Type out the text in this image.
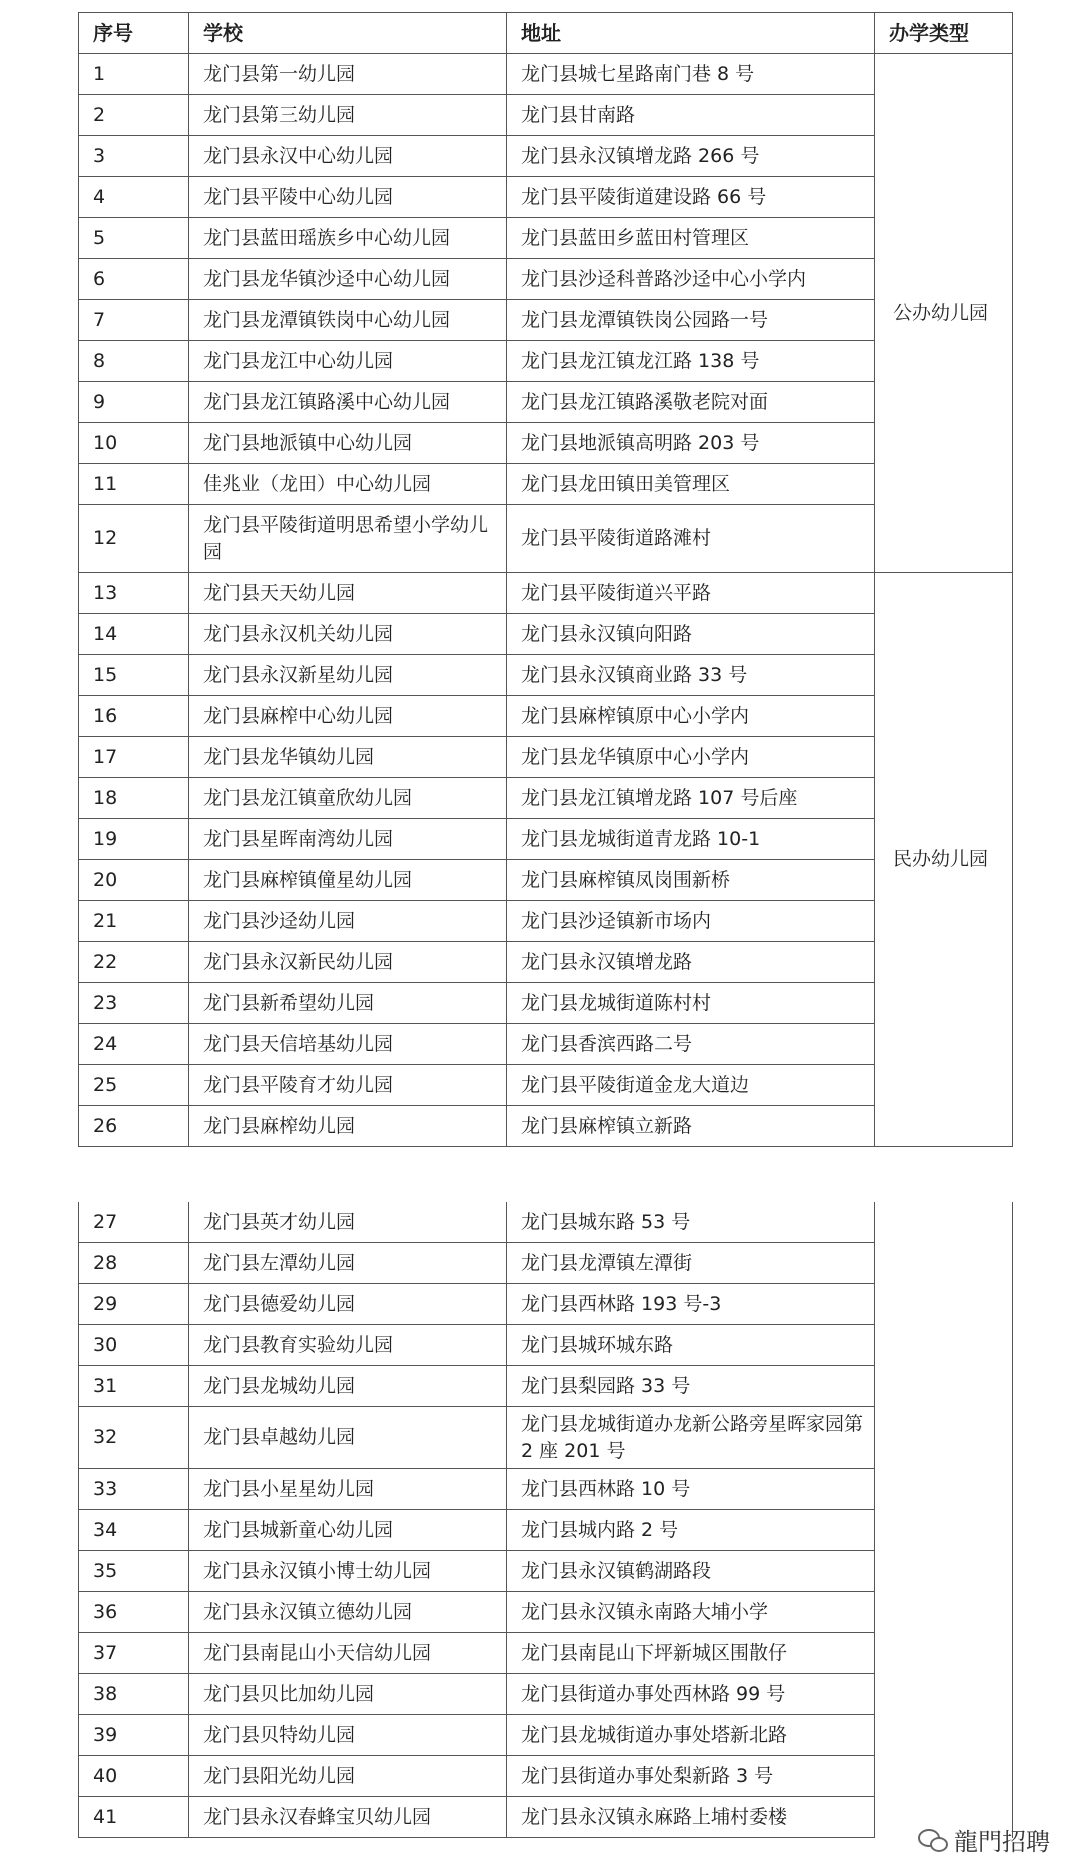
序号	学校	地址	办学类型
1	龙门县第一幼儿园	龙门县城七星路南门巷 8 号	公办幼儿园
2	龙门县第三幼儿园	龙门县甘南路	
3	龙门县永汉中心幼儿园	龙门县永汉镇增龙路 266 号	
4	龙门县平陵中心幼儿园	龙门县平陵街道建设路 66 号	
5	龙门县蓝田瑶族乡中心幼儿园	龙门县蓝田乡蓝田村管理区	
6	龙门县龙华镇沙迳中心幼儿园	龙门县沙迳科普路沙迳中心小学内	
7	龙门县龙潭镇铁岗中心幼儿园	龙门县龙潭镇铁岗公园路一号	
8	龙门县龙江中心幼儿园	龙门县龙江镇龙江路 138 号	
9	龙门县龙江镇路溪中心幼儿园	龙门县龙江镇路溪敬老院对面	
10	龙门县地派镇中心幼儿园	龙门县地派镇高明路 203 号	
11	佳兆业（龙田）中心幼儿园	龙门县龙田镇田美管理区	
12	龙门县平陵街道明思希望小学幼儿园	龙门县平陵街道路滩村	
13	龙门县天天幼儿园	龙门县平陵街道兴平路	民办幼儿园
14	龙门县永汉机关幼儿园	龙门县永汉镇向阳路	
15	龙门县永汉新星幼儿园	龙门县永汉镇商业路 33 号	
16	龙门县麻榨中心幼儿园	龙门县麻榨镇原中心小学内	
17	龙门县龙华镇幼儿园	龙门县龙华镇原中心小学内	
18	龙门县龙江镇童欣幼儿园	龙门县龙江镇增龙路 107 号后座	
19	龙门县星晖南湾幼儿园	龙门县龙城街道青龙路 10-1	
20	龙门县麻榨镇僮星幼儿园	龙门县麻榨镇凤岗围新桥	
21	龙门县沙迳幼儿园	龙门县沙迳镇新市场内	
22	龙门县永汉新民幼儿园	龙门县永汉镇增龙路	
23	龙门县新希望幼儿园	龙门县龙城街道陈村村	
24	龙门县天信培基幼儿园	龙门县香滨西路二号	
25	龙门县平陵育才幼儿园	龙门县平陵街道金龙大道边	
26	龙门县麻榨幼儿园	龙门县麻榨镇立新路	
27	龙门县英才幼儿园	龙门县城东路 53 号	
28	龙门县左潭幼儿园	龙门县龙潭镇左潭街	
29	龙门县德爱幼儿园	龙门县西林路 193 号-3	
30	龙门县教育实验幼儿园	龙门县城环城东路	
31	龙门县龙城幼儿园	龙门县梨园路 33 号	
32	龙门县卓越幼儿园	龙门县龙城街道办龙新公路旁星晖家园第 2 座 201 号	
33	龙门县小星星幼儿园	龙门县西林路 10 号	
34	龙门县城新童心幼儿园	龙门县城内路 2 号	
35	龙门县永汉镇小博士幼儿园	龙门县永汉镇鹤湖路段	
36	龙门县永汉镇立德幼儿园	龙门县永汉镇永南路大埔小学	
37	龙门县南昆山小天信幼儿园	龙门县南昆山下坪新城区围散仔	
38	龙门县贝比加幼儿园	龙门县街道办事处西林路 99 号	
39	龙门县贝特幼儿园	龙门县龙城街道办事处塔新北路	
40	龙门县阳光幼儿园	龙门县街道办事处梨新路 3 号	
41	龙门县永汉春蜂宝贝幼儿园	龙门县永汉镇永麻路上埔村委楼	
龍門招聘
